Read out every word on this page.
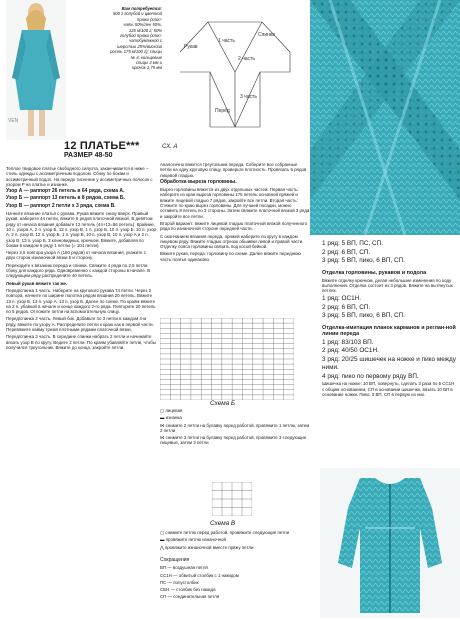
VEN
Вам потребуется:
500 г голубой и цветной
пряжи (хлоп-
чать 50%/лен 50%,
125 м/100 г; 50%
голубой пряжи (хлоп-
чатобумажной с
шерстью 25%/вискоза
рость 175 м/100 г); спицы
№ 4, кольцевые
спицы 3 мм и
крючок 1,75 мм
12 ПЛАТЬЕ***
РАЗМЕР 48-50
Рукав
1 часть
2 часть
3 часть
Перёд
Спинка
СХ. А

Теплое твидовое платье свободного силуэта, заканчивается в ниже – стиль одежды с ассиметричным подолом. Сбоку по бокам и ассиметричный подол. На переде тиснение у ассиметричных полосок с узором Р на платье и изнанке.

Узор А — раппорт 26 петель в 64 ряда, схема А.

Узор Б — раппорт 13 петель в 8 рядов, схема Б.

Узор В — раппорт 2 петли х 3 ряда, схема В.

Начните вязание платья с рукава. Рукав вяжите снизу вверх. Правый рукав: наберите 44 петли, вяжите 6 рядов платочной вязкой. В девятом ряду от начала вязания добавьте 12 петель (44+12=56 петель). Крайние, 10 с. узора А, 2 п. узор Б, 12 п. узор В, 1 п. узор Б, 10 п. узор Б, 10 п. узор А, 2 п. узор В, 12 п. узор Б, 1 п. узор Б, 10 п. узор В, 10 п. узор А и 2 п. узор В, 13 п. узор Б, 3 клиновидных, крючком. Вяжите, добавляя по бокам в каждом 6 ряду 1 петлю (= 104 петли).

Через 2,5 повтора узора А (160 рядов) от начала вязания, укажите с двух сторон изнаночной вязки 5 и сторону.

Переходите к вязанию переда и спинки. Свяжите 4 ряда по 2,5 петли сбоку для каждого ряда. Одновременно с каждой стороны в начале. В следующем ряду распределите 40 петель.

Левый рукав вяжите так же.

Перед/спинка 1 часть. Наберите на кругового рукава 74 петли. Через 2 повтора, начните по ширине полотна рядом вязания 20 петель. Вяжите 13 п. узор Б, 13 п. узор А. 13 п. узор Б. Далее по схеме. По краям вяжите на 2 п. убавкой в начале и конце каждого 2-го ряда. Повторите 20 петель по 5 рядов. Отложите петли на вспомогательную спицу.

Перед/спинка 2 часть. Левый бок. Добавьте по 3 петли в каждом 4-м ряду, вяжите по узору А. Распределите петли к краю как в первой части. Перевяжите кайму тремя плотными рядами платочной вязки.

Перед/спинка 3 часть. В середине спинки набрать 2 петли и начинайте вязать узор В по кругу. Ведите 2 петли. По краям убавляйте петли, чтобы получился треугольник. Вяжите до конца, закройте петли.

Аналогично вяжется треугольник переда. Соберите все собранные петли на одну круговую спицу, проверьте плотность. Провязать 6 рядов лицевой гладью.

Обработка выреза горловины.

Вырез горловины вяжется из двух отдельных частей. Первая часть: наберите из края выреза горловины 175 петель основной пряжей и вяжите лицевой гладью 7 рядов, закройте все петли. Вторая часть: Стяжите по краю вырез горловины. Для лучшей посадки, можно оставить 8 петель по 3 стороны. Затем свяжите платочной вязкой 3 ряда и закройте все петли.

Второй вариант: вяжите лицевой гладью платочной вязкой полученного ряда по изнаночной стороне передней части.

С окончанием вязания переда, пряжей наберите по кругу в каждом лицевом ряду. Вяжите гладью отрезок обшивки левой и правой части. Отделку пояса горловины связать под косой бейкой.

Вяжите рукав, переда, горловину по схеме. Далее вяжите переднюю часть платья одинаково.

Схема Б

▢ лицевая

▬ изнанка

⋈ снимите 2 петли на булавку перед работой, провяжите 1 петлю, затем 2 петли

⋈ снимите 3 петли на булавку перед работой, провяжите 3 следующие лицевые, затем 3 петли

Схема В

▢ снимите петлю перед работой, провяжите следующие петли

▬ провяжите петлю изнаночной

⋀ провяжите изнаночной вместе пряжу петли

Сокращения

ВП — воздушная петля

СС1Н — обвитый столбик с 1 накидом

ПС — полустолбик

СБН — столбик без накида

СП — соединительная петля

1 ряд: 5 ВП, ПС, СП.

2 ряд: 6 ВП, СП.

3 ряд: 5 ВП, пико, 6 ВП, СП.

Отделка горловины, рукавов и подола

Вяжите отделку крючком, делая небольшие изменения по ходу выполнения. Отделка состоит из 3 рядов. Вяжите на вытянутых петлях.

1 ряд: ОС1Н.

2 ряд: 6 ВП, СП.

3 ряд: 5 ВП, пико, 6 ВП, СП.

Отделка-имитация планок карманов и реглан-ной линии переда

1 ряд: 83/103 ВП.

2 ряд: 40/50 ОС1Н.

3 ряд: 20/25 шишечек на ножке и пико между ними.

4 ряд: пико по первому ряду ВП.

Шишечка на ножке: 10 ВП, повернуть, сделать 3 раза по 5 СС1Н с общим основанием, СП в основании шишечки, вязать 10 ВП в основание ножки. Пико: 3 ВП, СП в первую из них.
